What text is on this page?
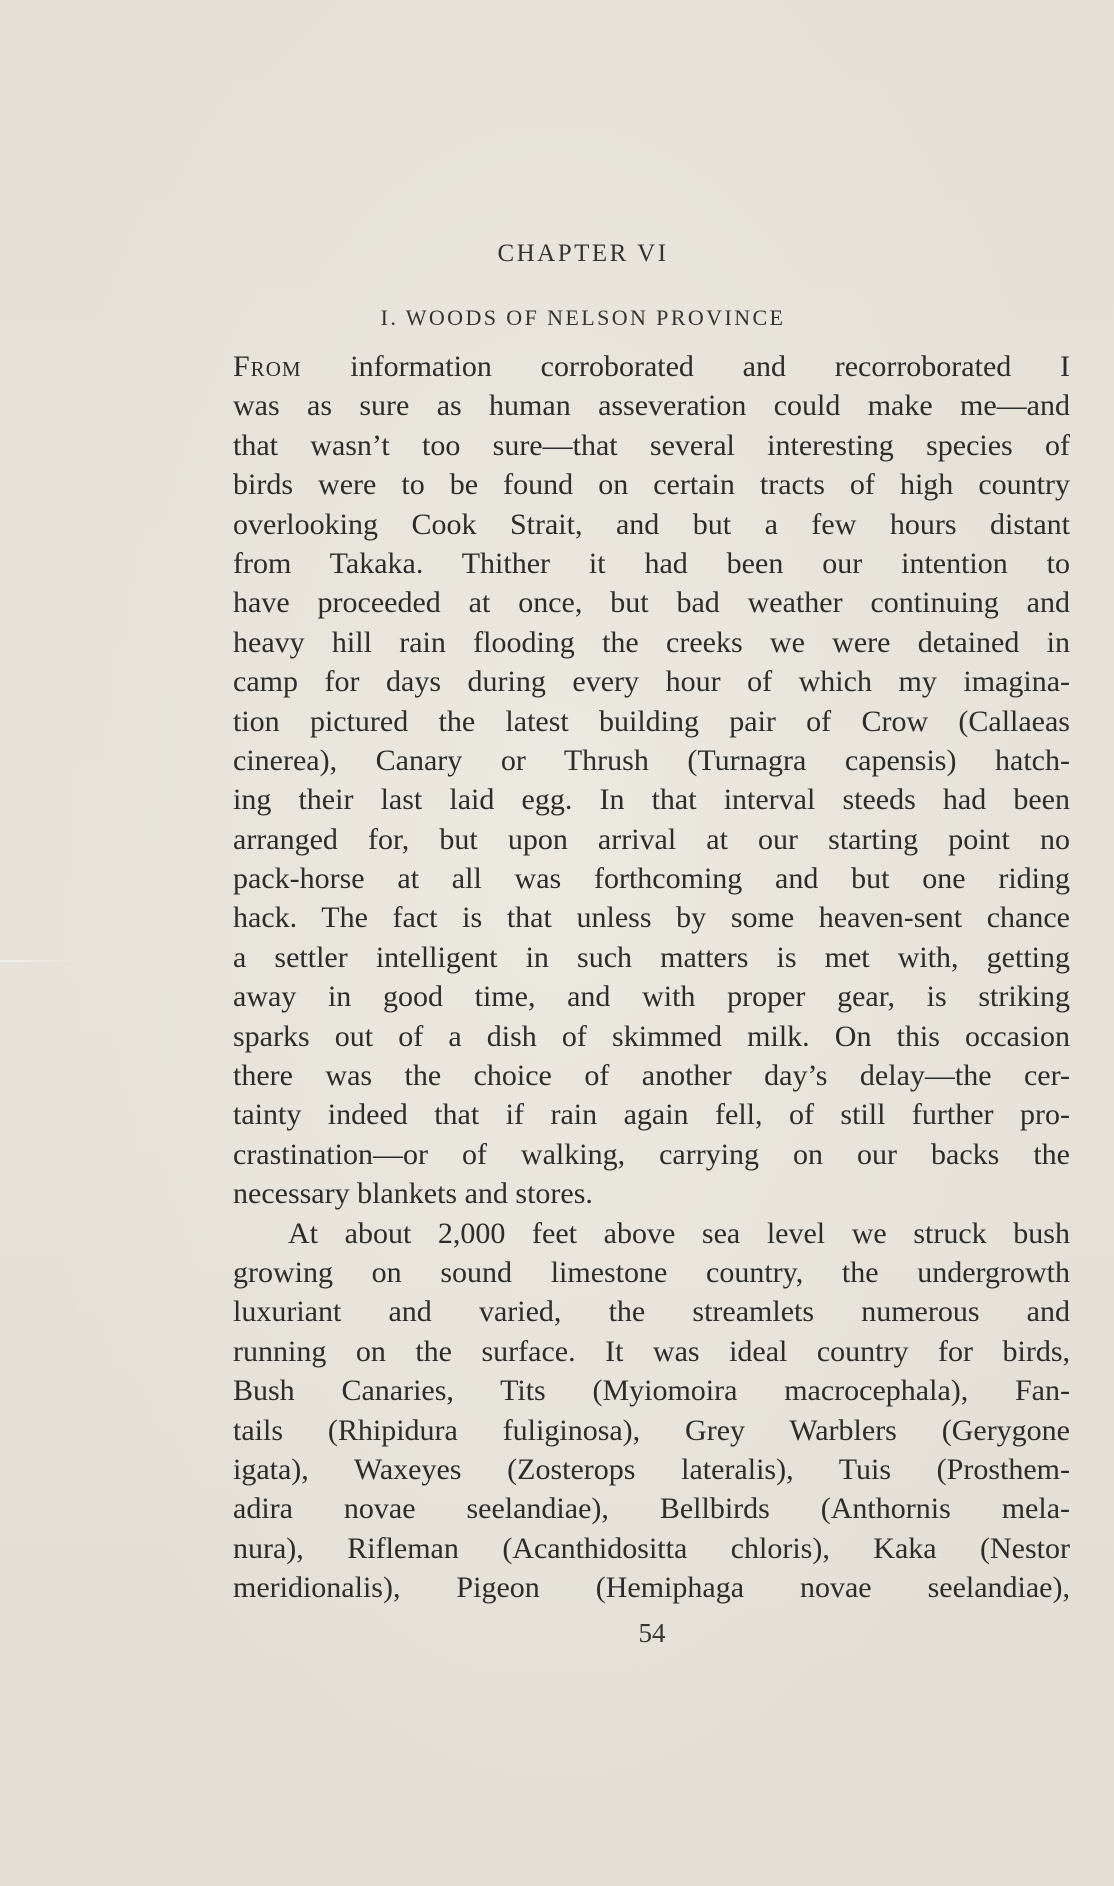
CHAPTER VI
I. WOODS OF NELSON PROVINCE
From information corroborated and recorroborated I
was as sure as human asseveration could make me—and
that wasn’t too sure—that several interesting species of
birds were to be found on certain tracts of high country
overlooking Cook Strait, and but a few hours distant
from Takaka. Thither it had been our intention to
have proceeded at once, but bad weather continuing and
heavy hill rain flooding the creeks we were detained in
camp for days during every hour of which my imagina-
tion pictured the latest building pair of Crow (Callaeas
cinerea), Canary or Thrush (Turnagra capensis) hatch-
ing their last laid egg. In that interval steeds had been
arranged for, but upon arrival at our starting point no
pack-horse at all was forthcoming and but one riding
hack. The fact is that unless by some heaven-sent chance
a settler intelligent in such matters is met with, getting
away in good time, and with proper gear, is striking
sparks out of a dish of skimmed milk. On this occasion
there was the choice of another day’s delay—the cer-
tainty indeed that if rain again fell, of still further pro-
crastination—or of walking, carrying on our backs the
necessary blankets and stores.
At about 2,000 feet above sea level we struck bush
growing on sound limestone country, the undergrowth
luxuriant and varied, the streamlets numerous and
running on the surface. It was ideal country for birds,
Bush Canaries, Tits (Myiomoira macrocephala), Fan-
tails (Rhipidura fuliginosa), Grey Warblers (Gerygone
igata), Waxeyes (Zosterops lateralis), Tuis (Prosthem-
adira novae seelandiae), Bellbirds (Anthornis mela-
nura), Rifleman (Acanthidositta chloris), Kaka (Nestor
meridionalis), Pigeon (Hemiphaga novae seelandiae),
54
